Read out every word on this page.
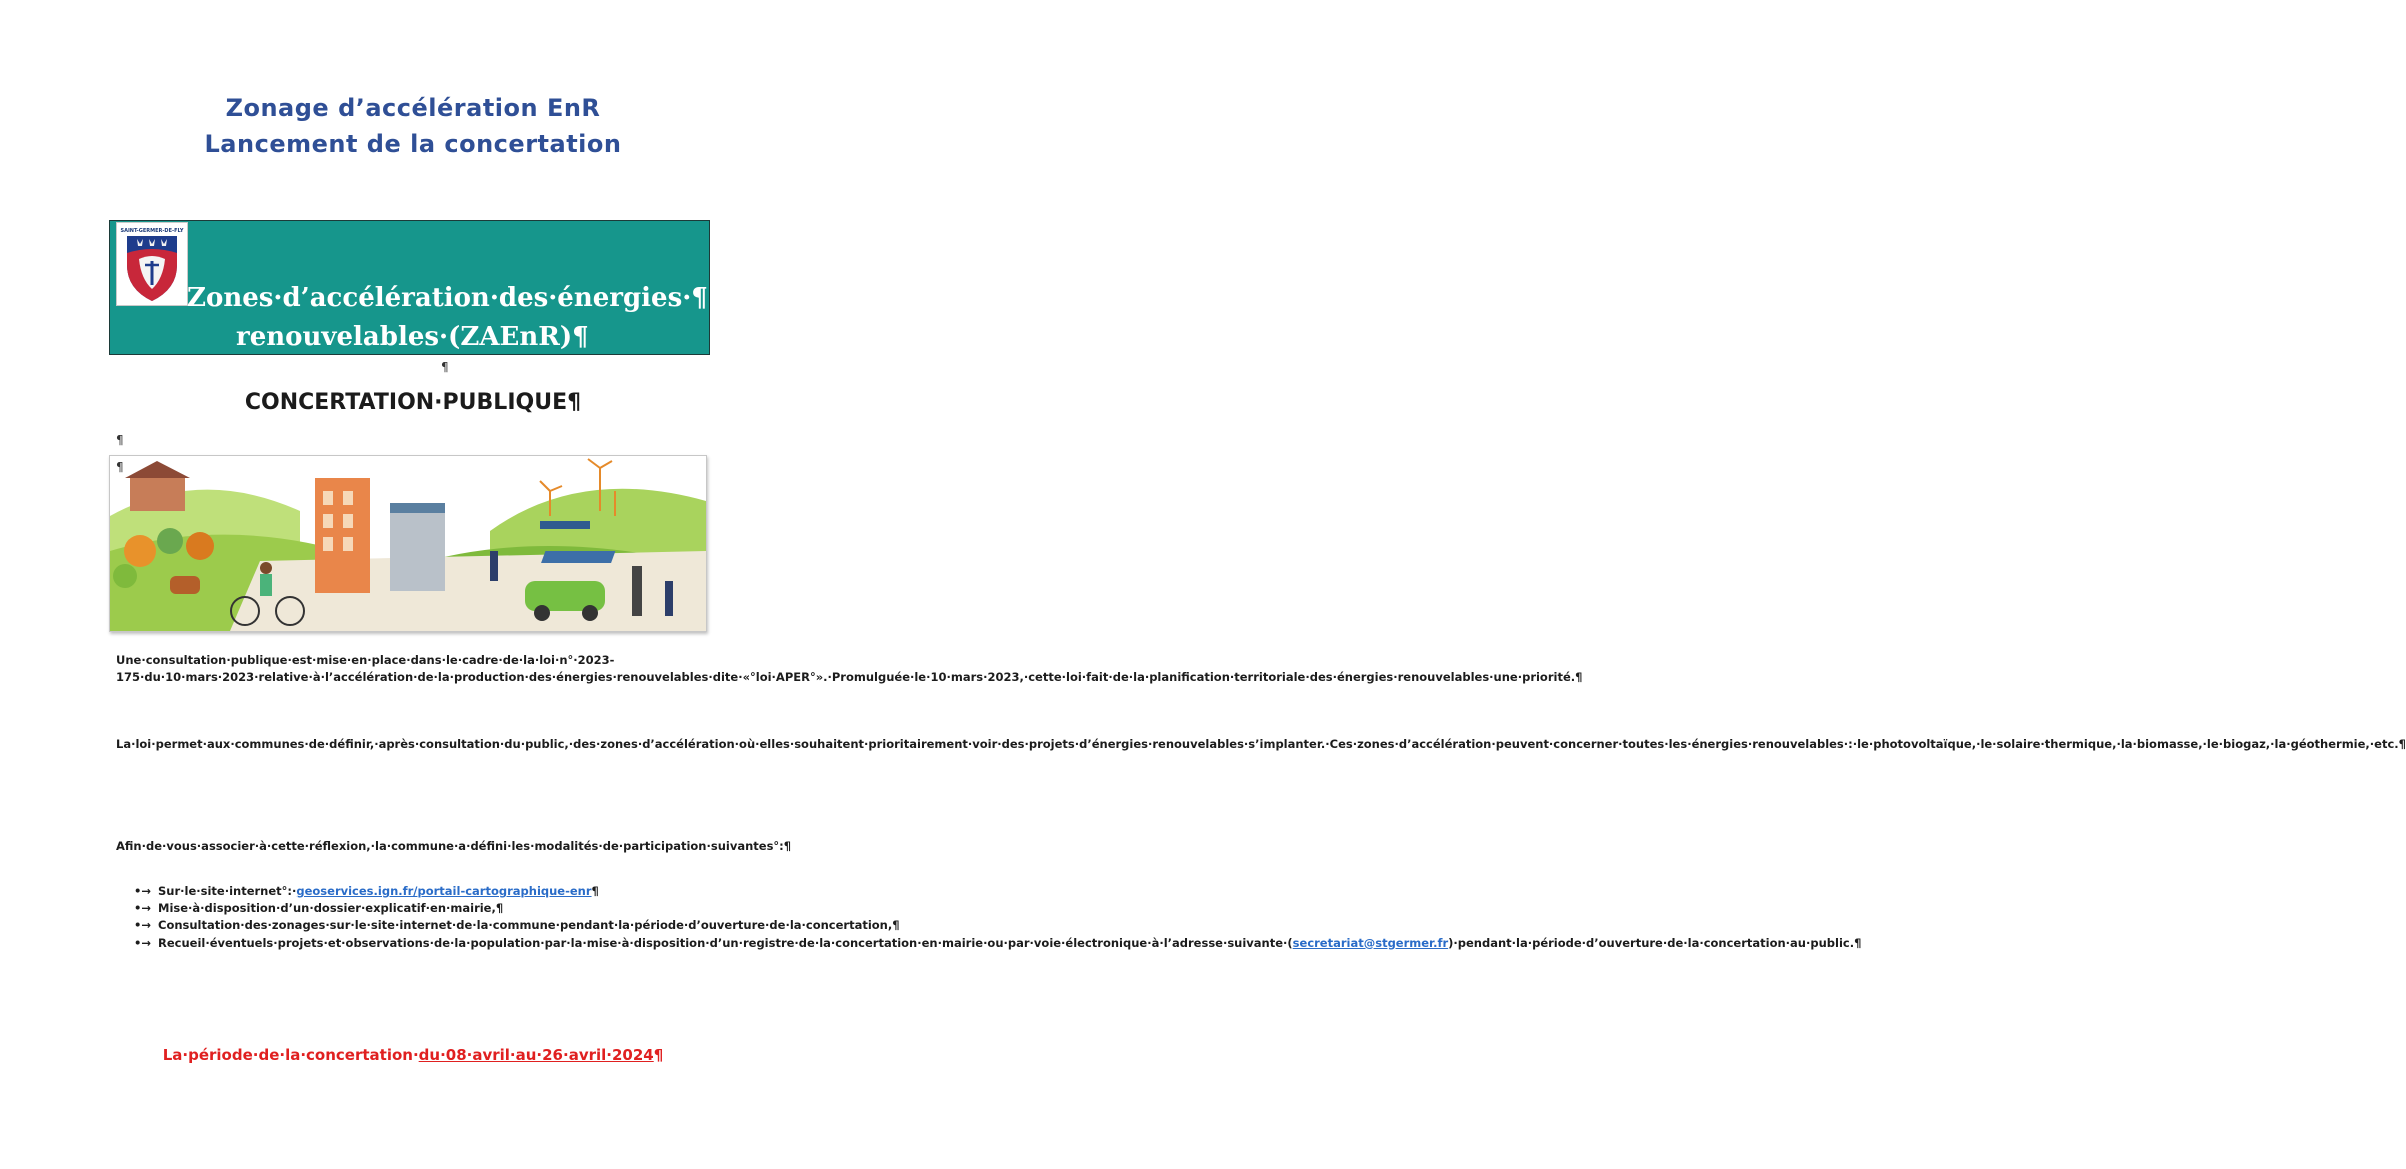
Zonage d’accélération EnR
Lancement de la concertation
SAINT-GERMER-DE-FLY
Zones·d’accélération·des·énergies·¶
renouvelables·(ZAEnR)¶
¶
CONCERTATION·PUBLIQUE¶
¶
¶

Une·consultation·publique·est·mise·en·place·dans·le·cadre·de·la·loi·n°·2023-175·du·10·mars·2023·relative·à·l’accélération·de·la·production·des·énergies·renouvelables·dite·«°loi·APER°».·Promulguée·le·10·mars·2023,·cette·loi·fait·de·la·planification·territoriale·des·énergies·renouvelables·une·priorité.¶

La·loi·permet·aux·communes·de·définir,·après·consultation·du·public,·des·zones·d’accélération·où·elles·souhaitent·prioritairement·voir·des·projets·d’énergies·renouvelables·s’implanter.·Ces·zones·d’accélération·peuvent·concerner·toutes·les·énergies·renouvelables·:·le·photovoltaïque,·le·solaire·thermique,·la·biomasse,·le·biogaz,·la·géothermie,·etc.¶

Afin·de·vous·associer·à·cette·réflexion,·la·commune·a·défini·les·modalités·de·participation·suivantes°:¶

•→ Sur·le·site·internet°:·geoservices.ign.fr/portail-cartographique-enr¶
•→ Mise·à·disposition·d’un·dossier·explicatif·en·mairie,¶
•→ Consultation·des·zonages·sur·le·site·internet·de·la·commune·pendant·la·période·d’ouverture·de·la·concertation,¶
•→ Recueil·éventuels·projets·et·observations·de·la·population·par·la·mise·à·disposition·d’un·registre·de·la·concertation·en·mairie·ou·par·voie·électronique·à·l’adresse·suivante·(secretariat@stgermer.fr)·pendant·la·période·d’ouverture·de·la·concertation·au·public.¶
La·période·de·la·concertation·du·08·avril·au·26·avril·2024¶
